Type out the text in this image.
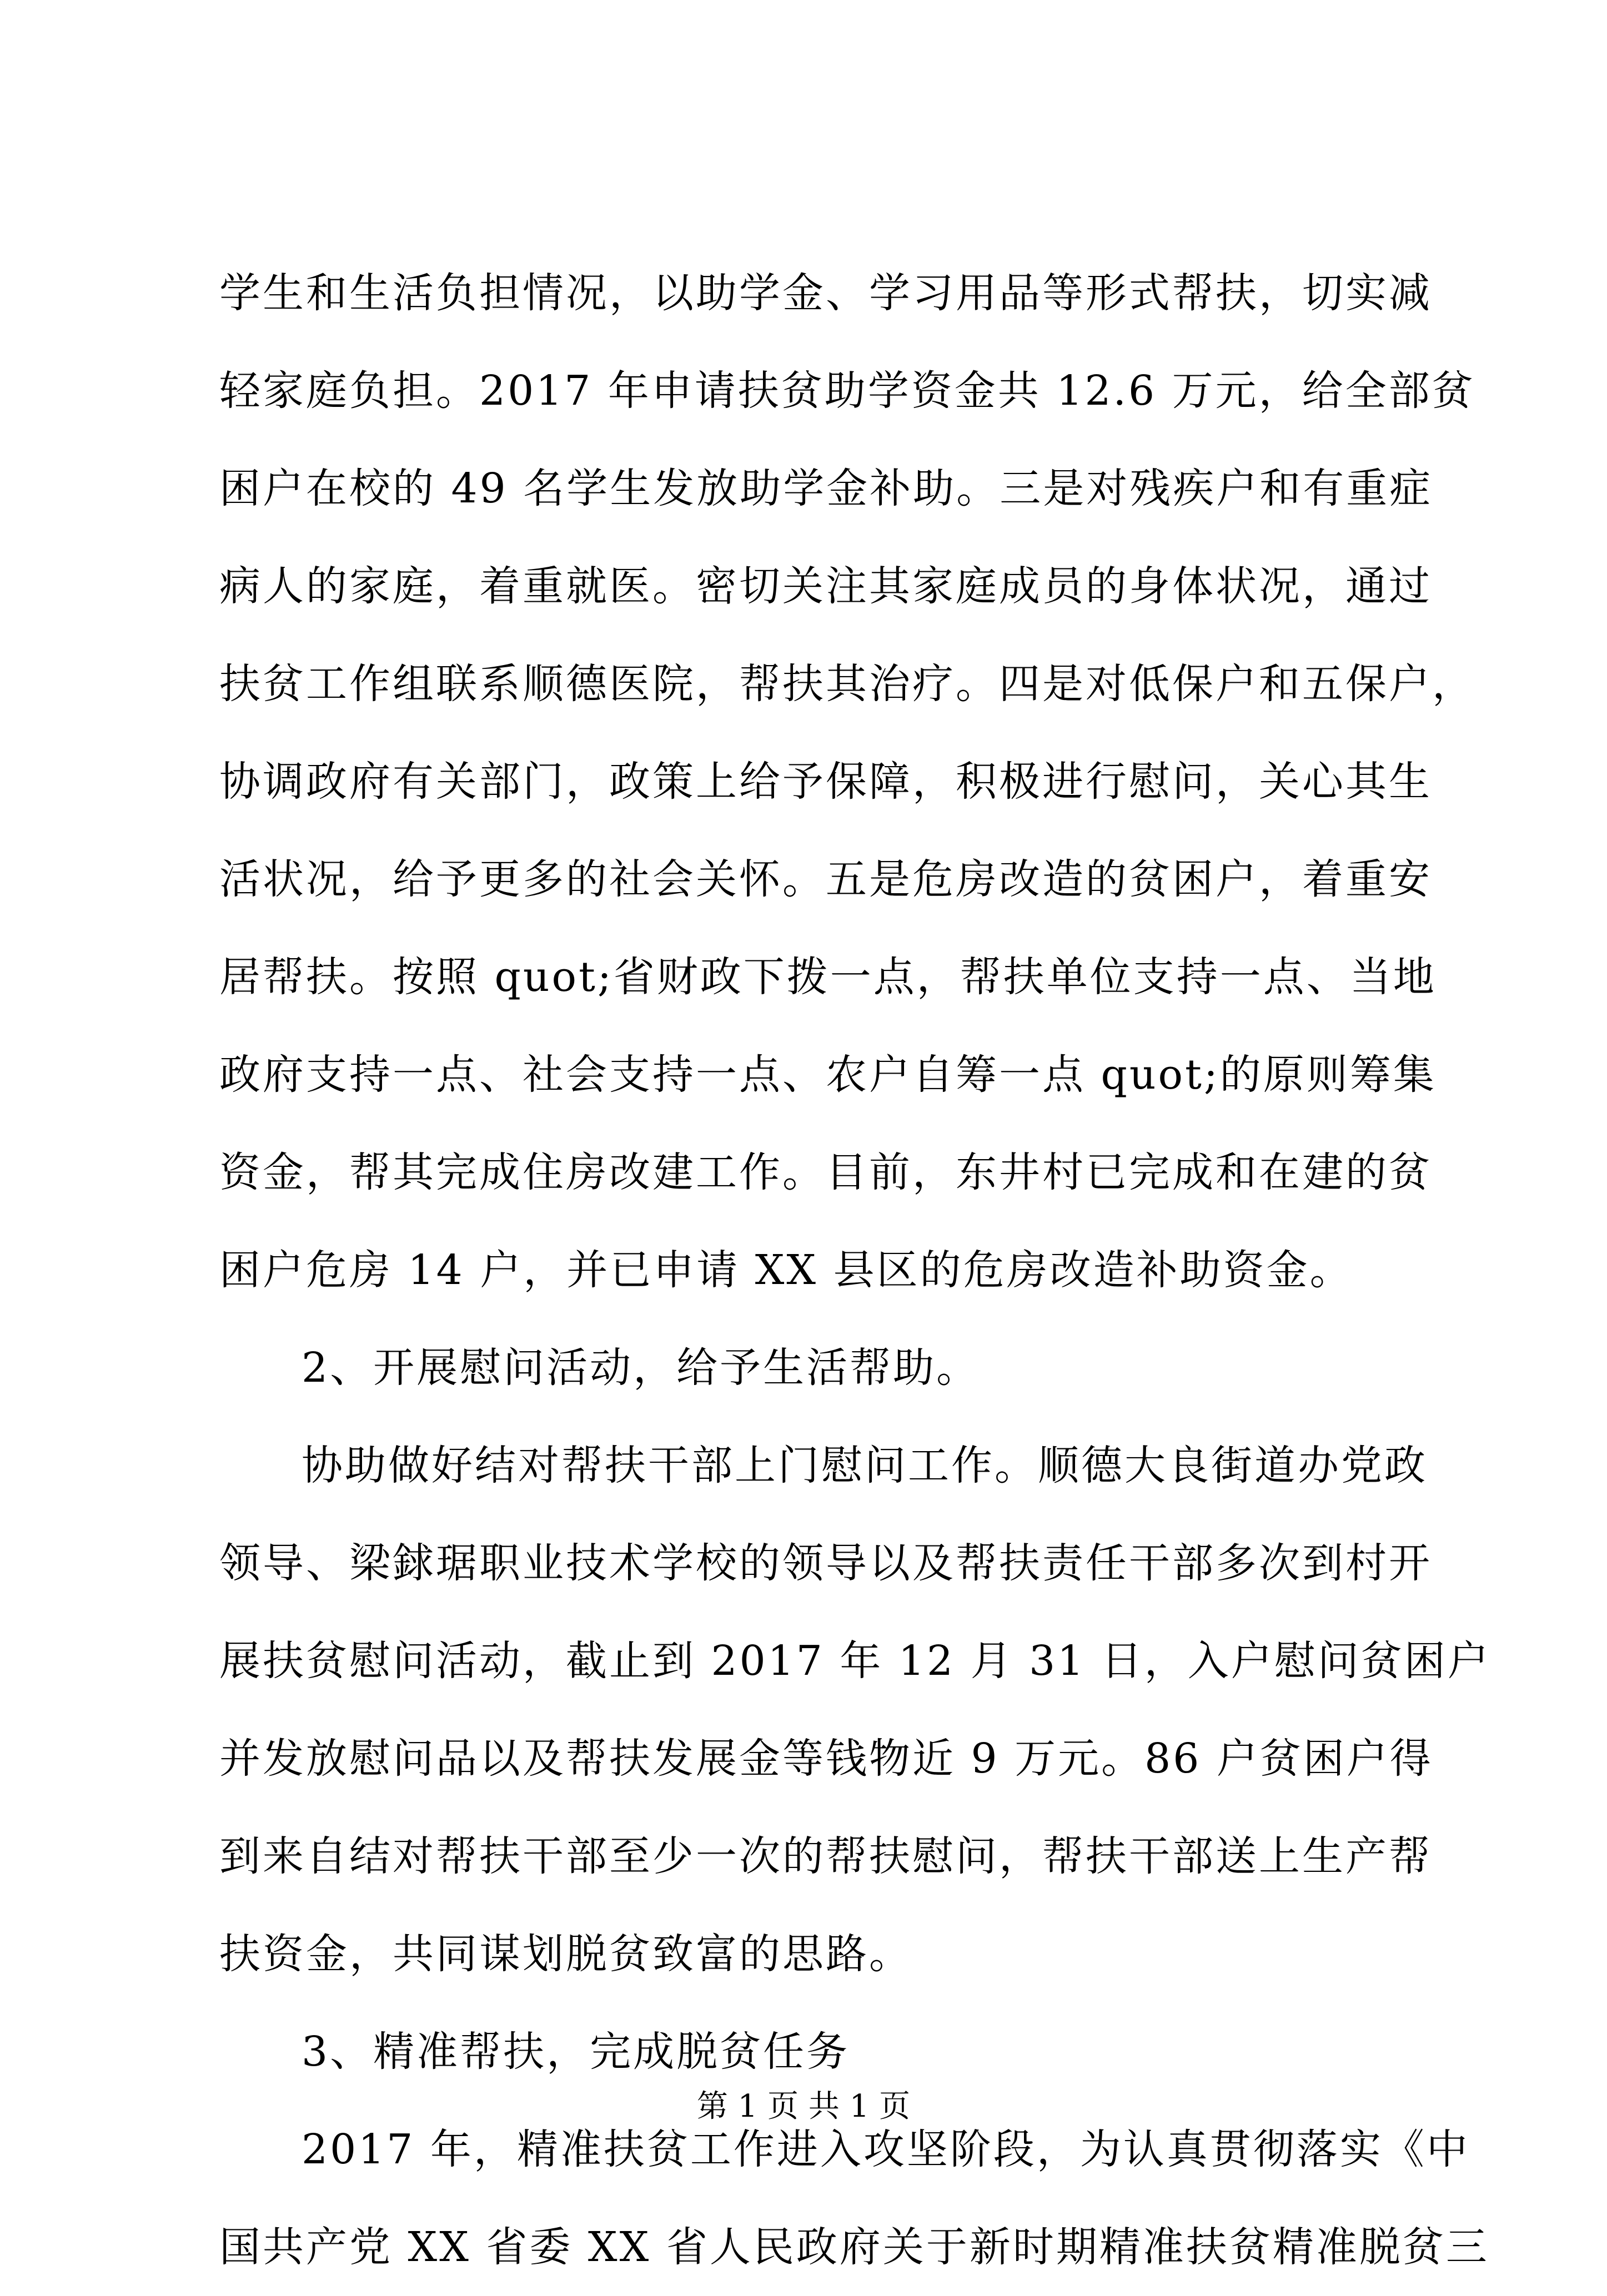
学生和生活负担情况，以助学金、学习用品等形式帮扶，切实减
轻家庭负担。2017 年申请扶贫助学资金共 12.6 万元，给全部贫
困户在校的 49 名学生发放助学金补助。三是对残疾户和有重症
病人的家庭，着重就医。密切关注其家庭成员的身体状况，通过
扶贫工作组联系顺德医院，帮扶其治疗。四是对低保户和五保户，
协调政府有关部门，政策上给予保障，积极进行慰问，关心其生
活状况，给予更多的社会关怀。五是危房改造的贫困户，着重安
居帮扶。按照 quot;省财政下拨一点，帮扶单位支持一点、当地
政府支持一点、社会支持一点、农户自筹一点 quot;的原则筹集
资金，帮其完成住房改建工作。目前，东井村已完成和在建的贫
困户危房 14 户，并已申请 XX 县区的危房改造补助资金。
2、开展慰问活动，给予生活帮助。
协助做好结对帮扶干部上门慰问工作。顺德大良街道办党政
领导、梁銶琚职业技术学校的领导以及帮扶责任干部多次到村开
展扶贫慰问活动，截止到 2017 年 12 月 31 日，入户慰问贫困户
并发放慰问品以及帮扶发展金等钱物近 9 万元。86 户贫困户得
到来自结对帮扶干部至少一次的帮扶慰问，帮扶干部送上生产帮
扶资金，共同谋划脱贫致富的思路。
3、精准帮扶，完成脱贫任务
2017 年，精准扶贫工作进入攻坚阶段，为认真贯彻落实《中
国共产党 XX 省委 XX 省人民政府关于新时期精准扶贫精准脱贫三
第 1 页 共 1 页
